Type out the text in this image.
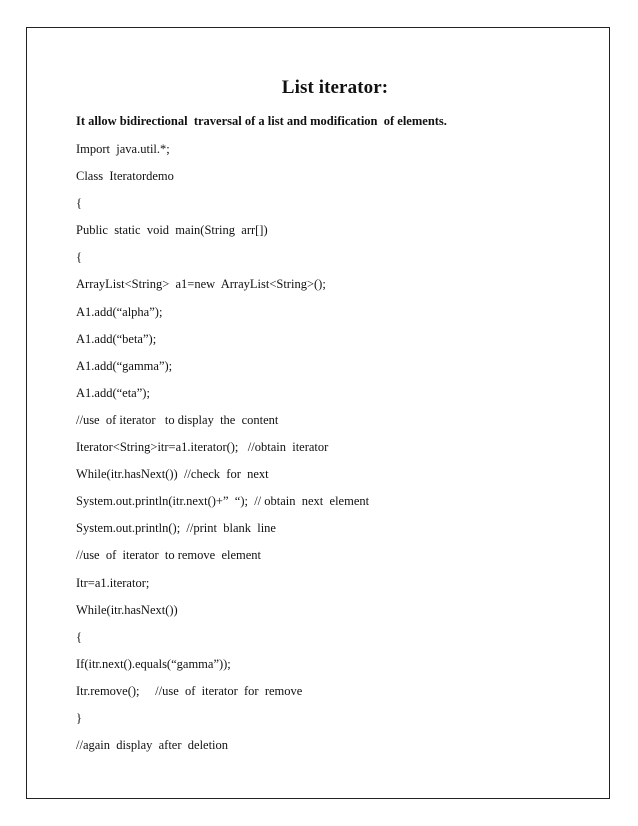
List iterator:
It allow bidirectional  traversal of a list and modification  of elements.
Import  java.util.*;
Class  Iteratordemo
{
Public  static  void  main(String  arr[])
{
ArrayList<String>  a1=new  ArrayList<String>();
A1.add(“alpha”);
A1.add(“beta”);
A1.add(“gamma”);
A1.add(“eta”);
//use  of iterator   to display  the  content
Iterator<String>itr=a1.iterator();   //obtain  iterator
While(itr.hasNext())  //check  for  next
System.out.println(itr.next()+”  “);  // obtain  next  element
System.out.println();  //print  blank  line
//use  of  iterator  to remove  element
Itr=a1.iterator;
While(itr.hasNext())
{
If(itr.next().equals(“gamma”));
Itr.remove();     //use  of  iterator  for  remove
}
//again  display  after  deletion
